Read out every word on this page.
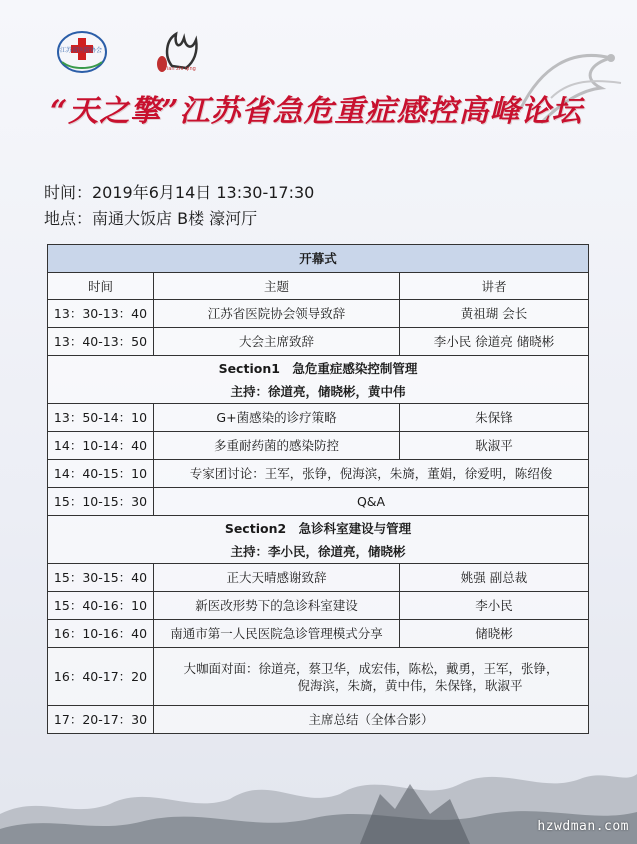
江苏省医院协会
Tian zhi qing
“天之擎”江苏省急危重症感控高峰论坛
时间：2019年6月14日 13:30-17:30
地点：南通大饭店 B楼 濠河厅
开幕式		
时间	主题	讲者
13：30-13：40	江苏省医院协会领导致辞	黄祖瑚 会长
13：40-13：50	大会主席致辞	李小民 徐道亮 储晓彬

Section1　急危重症感染控制管理
主持：徐道亮，储晓彬，黄中伟		

13：50-14：10	G+菌感染的诊疗策略	朱保锋
14：10-14：40	多重耐药菌的感染防控	耿淑平
14：40-15：10	专家团讨论：王军，张铮，倪海滨，朱旖，董娟，徐爱明，陈绍俊	
15：10-15：30	Q&A	

Section2　急诊科室建设与管理
主持：李小民，徐道亮，储晓彬		

15：30-15：40	正大天晴感谢致辞	姚强 副总裁
15：40-16：10	新医改形势下的急诊科室建设	李小民
16：10-16：40	南通市第一人民医院急诊管理模式分享	储晓彬
16：40-17：20	大咖面对面：徐道亮，蔡卫华，成宏伟，陈松，戴勇，王军，张铮，
倪海滨，朱旖，黄中伟，朱保锋，耿淑平	

17：20-17：30	主席总结（全体合影）	
hzwdman.com
